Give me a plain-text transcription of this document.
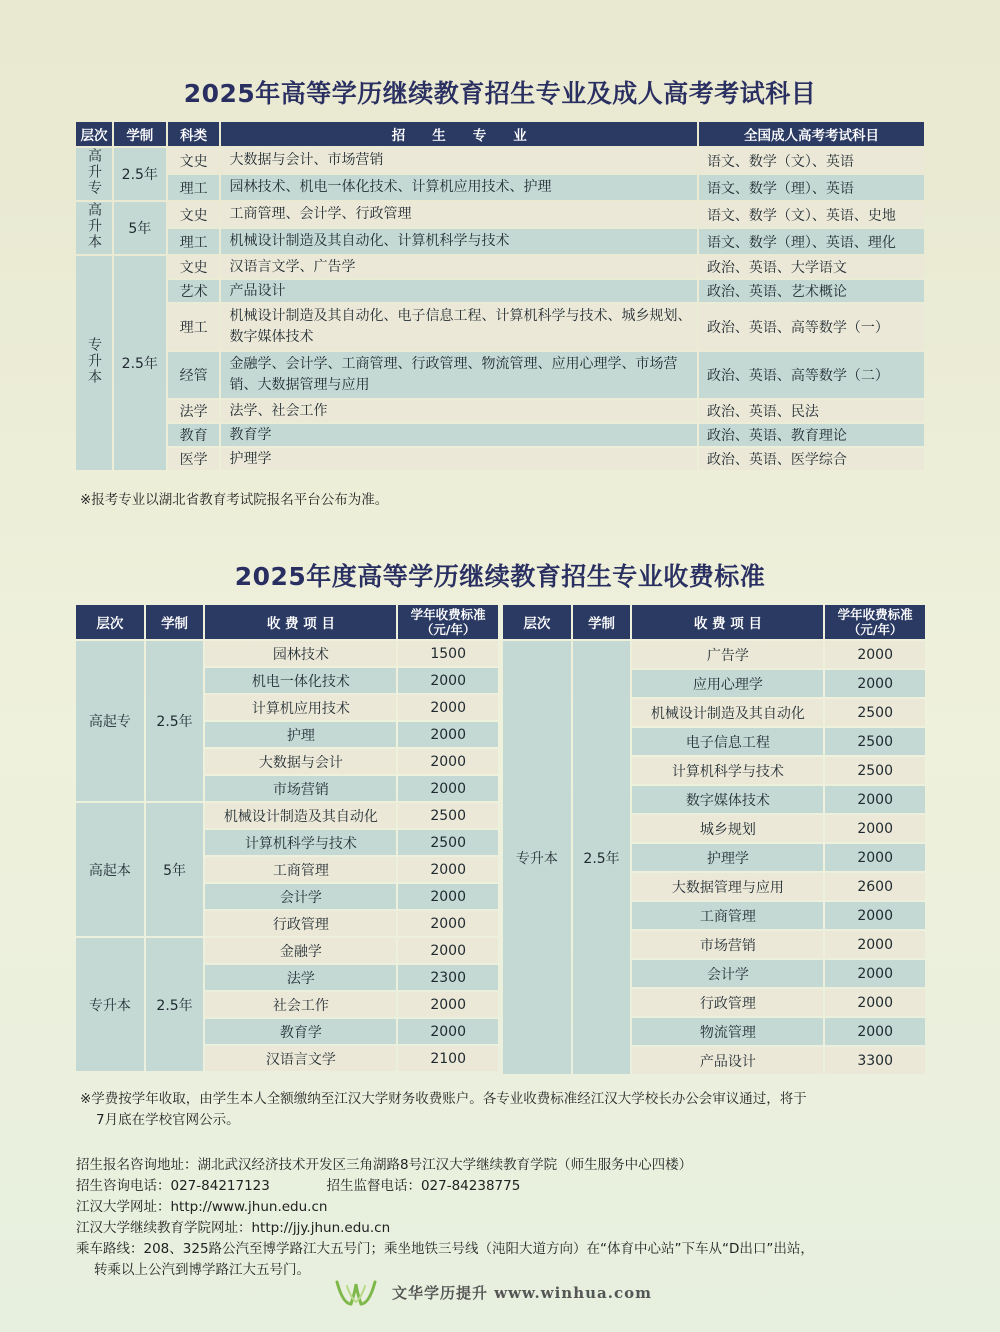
2025年高等学历继续教育招生专业及成人高考考试科目
层次	学制	科类	招　　生　　专　　业	全国成人高考考试科目
高升专	2.5年	文史	大数据与会计、市场营销	语文、数学（文）、英语
		理工	园林技术、机电一体化技术、计算机应用技术、护理	语文、数学（理）、英语
高升本	5年	文史	工商管理、会计学、行政管理	语文、数学（文）、英语、史地
		理工	机械设计制造及其自动化、计算机科学与技术	语文、数学（理）、英语、理化
专升本	2.5年	文史	汉语言文学、广告学	政治、英语、大学语文
		艺术	产品设计	政治、英语、艺术概论
		理工	机械设计制造及其自动化、电子信息工程、计算机科学与技术、城乡规划、数字媒体技术	政治、英语、高等数学（一）
		经管	金融学、会计学、工商管理、行政管理、物流管理、应用心理学、市场营销、大数据管理与应用	政治、英语、高等数学（二）
		法学	法学、社会工作	政治、英语、民法
		教育	教育学	政治、英语、教育理论
		医学	护理学	政治、英语、医学综合
※报考专业以湖北省教育考试院报名平台公布为准。
2025年度高等学历继续教育招生专业收费标准
层次	学制	收 费 项 目	学年收费标准
（元/年）

高起专	2.5年	园林技术	1500
		机电一体化技术	2000
		计算机应用技术	2000
		护理	2000
		大数据与会计	2000
		市场营销	2000
高起本	5年	机械设计制造及其自动化	2500
		计算机科学与技术	2500
		工商管理	2000
		会计学	2000
		行政管理	2000
专升本	2.5年	金融学	2000
		法学	2300
		社会工作	2000
		教育学	2000
		汉语言文学	2100
层次	学制	收 费 项 目	学年收费标准
（元/年）

专升本	2.5年	广告学	2000
		应用心理学	2000
		机械设计制造及其自动化	2500
		电子信息工程	2500
		计算机科学与技术	2500
		数字媒体技术	2000
		城乡规划	2000
		护理学	2000
		大数据管理与应用	2600
		工商管理	2000
		市场营销	2000
		会计学	2000
		行政管理	2000
		物流管理	2000
		产品设计	3300
※学费按学年收取，由学生本人全额缴纳至江汉大学财务收费账户。各专业收费标准经江汉大学校长办公会审议通过，将于
7月底在学校官网公示。
招生报名咨询地址：湖北武汉经济技术开发区三角湖路8号江汉大学继续教育学院（师生服务中心四楼）
招生咨询电话：027-84217123	招生监督电话：027-84238775
江汉大学网址：http://www.jhun.edu.cn
江汉大学继续教育学院网址：http://jjy.jhun.edu.cn
乘车路线：208、325路公汽至博学路江大五号门；乘坐地铁三号线（沌阳大道方向）在“体育中心站”下车从“D出口”出站，
转乘以上公汽到博学路江大五号门。
文华学历提升 www.winhua.com
